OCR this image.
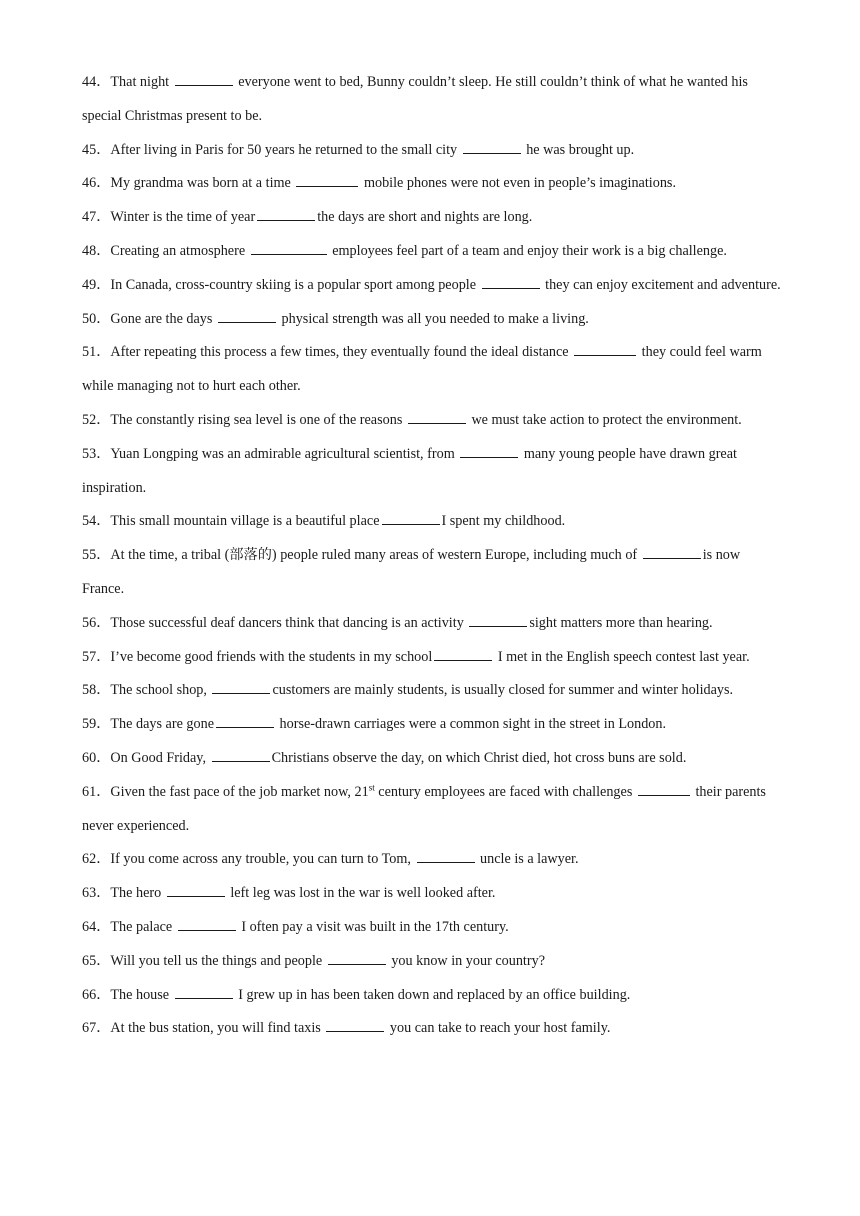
44．That night	everyone went to bed, Bunny couldn’t sleep. He still couldn’t think of what he wanted his special Christmas present to be.

45．After living in Paris for 50 years he returned to the small city	he was brought up.

46．My grandma was born at a time	mobile phones were not even in people’s imaginations.

47．Winter is the time of year	the days are short and nights are long.

48．Creating an atmosphere	employees feel part of a team and enjoy their work is a big challenge.

49．In Canada, cross-country skiing is a popular sport among people	they can enjoy excitement and adventure.

50．Gone are the days	physical strength was all you needed to make a living.

51．After repeating this process a few times, they eventually found the ideal distance	they could feel warm while managing not to hurt each other.

52．The constantly rising sea level is one of the reasons	we must take action to protect the environment.

53．Yuan Longping was an admirable agricultural scientist, from	many young people have drawn great inspiration.

54．This small mountain village is a beautiful place	I spent my childhood.

55．At the time, a tribal (部落的) people ruled many areas of western Europe, including much of	is now France.

56．Those successful deaf dancers think that dancing is an activity	sight matters more than hearing.

57．I’ve become good friends with the students in my school	I met in the English speech contest last year.

58．The school shop,	customers are mainly students, is usually closed for summer and winter holidays.

59．The days are gone	horse-drawn carriages were a common sight in the street in London.

60．On Good Friday,	Christians observe the day, on which Christ died, hot cross buns are sold.

61．Given the fast pace of the job market now, 21st century employees are faced with challenges	their parents never experienced.

62．If you come across any trouble, you can turn to Tom,	uncle is a lawyer.

63．The hero	left leg was lost in the war is well looked after.

64．The palace	I often pay a visit was built in the 17th century.

65．Will you tell us the things and people	you know in your country?

66．The house	I grew up in has been taken down and replaced by an office building.

67．At the bus station, you will find taxis	you can take to reach your host family.
